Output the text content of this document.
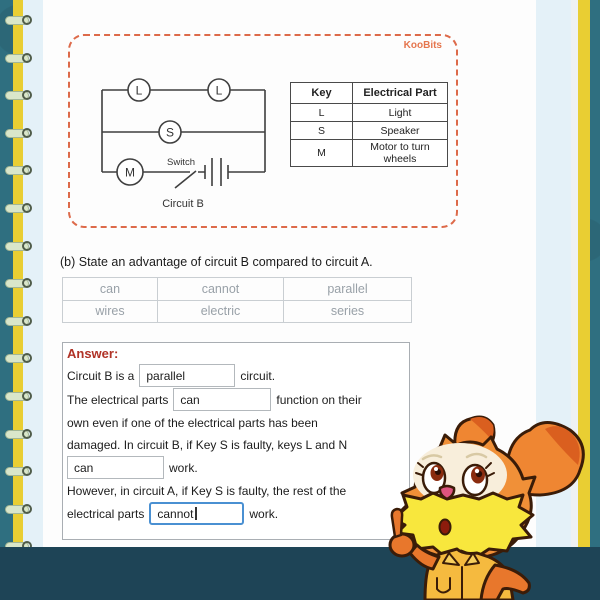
KooBits
L	L
S
M
Switch
Circuit B
Key	Electrical Part
L	Light
S	Speaker
M	Motor to turn wheels
(b) State an advantage of circuit B compared to circuit A.
can	cannot	parallel
wires	electric	series
Answer:
Circuit B is a parallel	circuit.
The electrical parts can	function on their
own even if one of the electrical parts has been
damaged. In circuit B, if Key S is faulty, keys L and N
can	work.
However, in circuit A, if Key S is faulty, the rest of the
electrical parts cannot	work.
